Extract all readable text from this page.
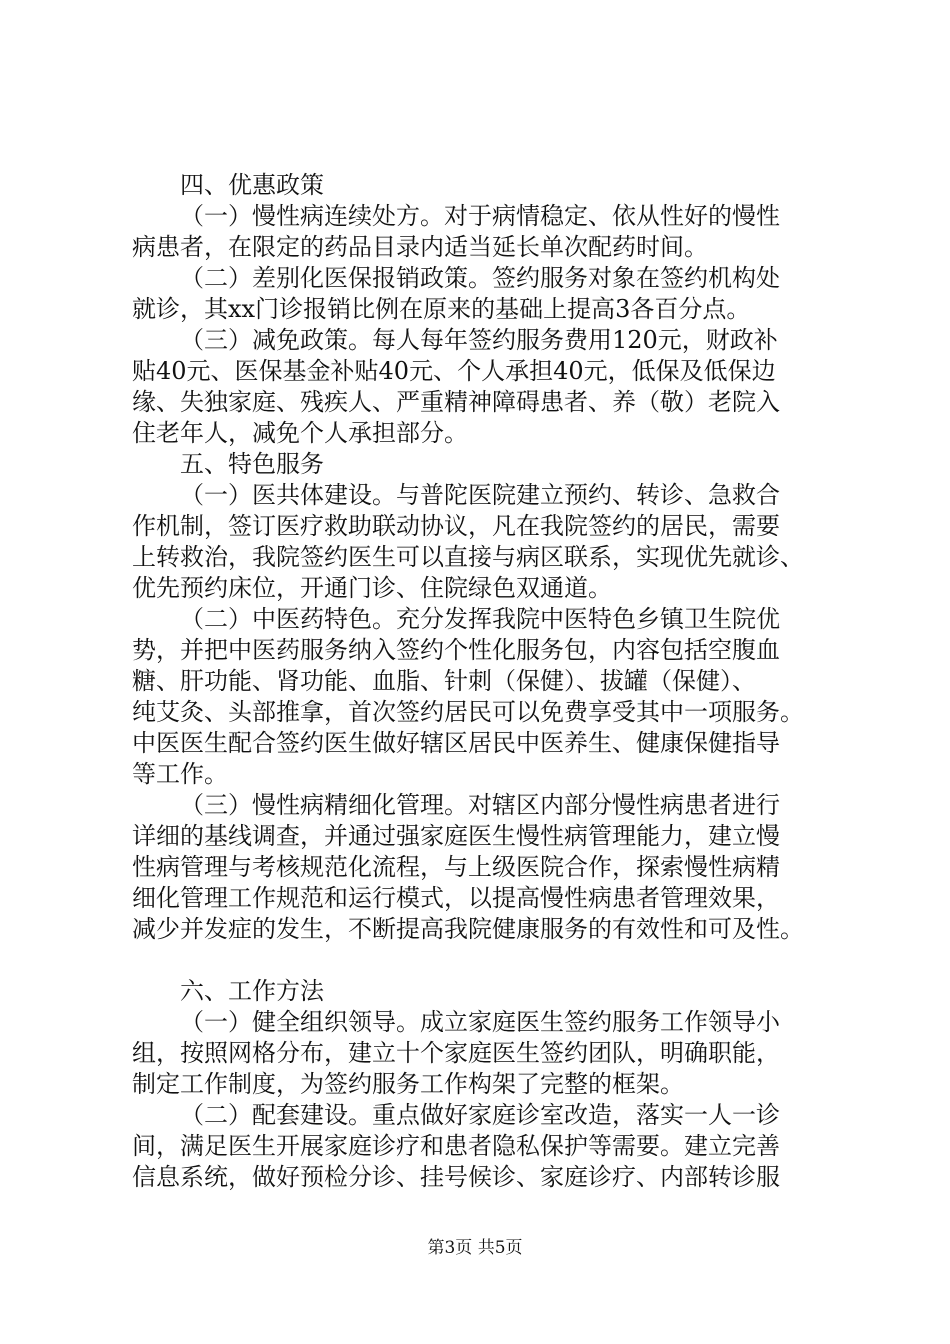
四、优惠政策
（一）慢性病连续处方。对于病情稳定、依从性好的慢性
病患者，在限定的药品目录内适当延长单次配药时间。
（二）差别化医保报销政策。签约服务对象在签约机构处
就诊，其xx门诊报销比例在原来的基础上提高3各百分点。
（三）减免政策。每人每年签约服务费用120元，财政补
贴40元、医保基金补贴40元、个人承担40元，低保及低保边
缘、失独家庭、残疾人、严重精神障碍患者、养（敬）老院入
住老年人，减免个人承担部分。
五、特色服务
（一）医共体建设。与普陀医院建立预约、转诊、急救合
作机制，签订医疗救助联动协议，凡在我院签约的居民，需要
上转救治，我院签约医生可以直接与病区联系，实现优先就诊、
优先预约床位，开通门诊、住院绿色双通道。
（二）中医药特色。充分发挥我院中医特色乡镇卫生院优
势，并把中医药服务纳入签约个性化服务包，内容包括空腹血
糖、肝功能、肾功能、血脂、针刺（保健）、拔罐（保健）、
纯艾灸、头部推拿，首次签约居民可以免费享受其中一项服务。
中医医生配合签约医生做好辖区居民中医养生、健康保健指导
等工作。
（三）慢性病精细化管理。对辖区内部分慢性病患者进行
详细的基线调查，并通过强家庭医生慢性病管理能力，建立慢
性病管理与考核规范化流程，与上级医院合作，探索慢性病精
细化管理工作规范和运行模式，以提高慢性病患者管理效果，
减少并发症的发生，不断提高我院健康服务的有效性和可及性。
六、工作方法
（一）健全组织领导。成立家庭医生签约服务工作领导小
组，按照网格分布，建立十个家庭医生签约团队，明确职能，
制定工作制度，为签约服务工作构架了完整的框架。
（二）配套建设。重点做好家庭诊室改造，落实一人一诊
间，满足医生开展家庭诊疗和患者隐私保护等需要。建立完善
信息系统，做好预检分诊、挂号候诊、家庭诊疗、内部转诊服
第3页 共5页
